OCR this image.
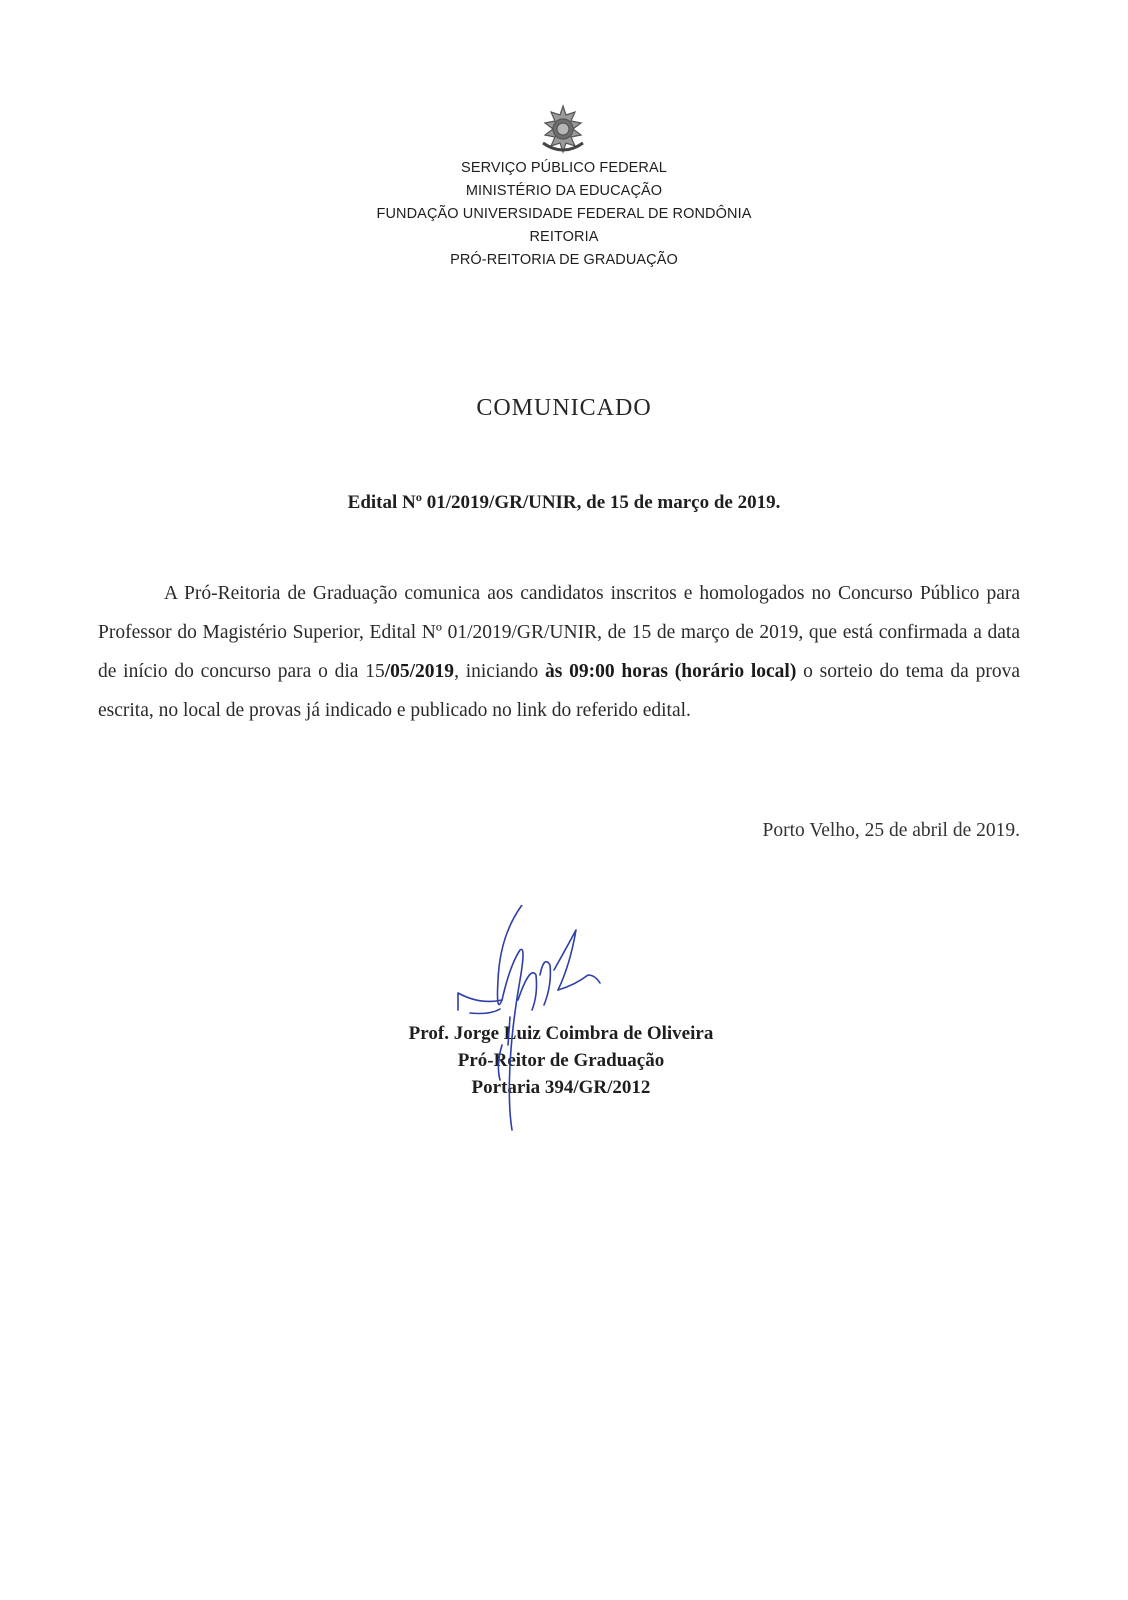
SERVIÇO PÚBLICO FEDERAL
MINISTÉRIO DA EDUCAÇÃO
FUNDAÇÃO UNIVERSIDADE FEDERAL DE RONDÔNIA
REITORIA
PRÓ-REITORIA DE GRADUAÇÃO
COMUNICADO
Edital Nº 01/2019/GR/UNIR, de 15 de março de 2019.
A Pró-Reitoria de Graduação comunica aos candidatos inscritos e homologados no Concurso Público para Professor do Magistério Superior, Edital Nº 01/2019/GR/UNIR, de 15 de março de 2019, que está confirmada a data de início do concurso para o dia 15/05/2019, iniciando às 09:00 horas (horário local) o sorteio do tema da prova escrita, no local de provas já indicado e publicado no link do referido edital.
Porto Velho, 25 de abril de 2019.
Prof. Jorge Luiz Coimbra de Oliveira
Pró-Reitor de Graduação
Portaria 394/GR/2012
